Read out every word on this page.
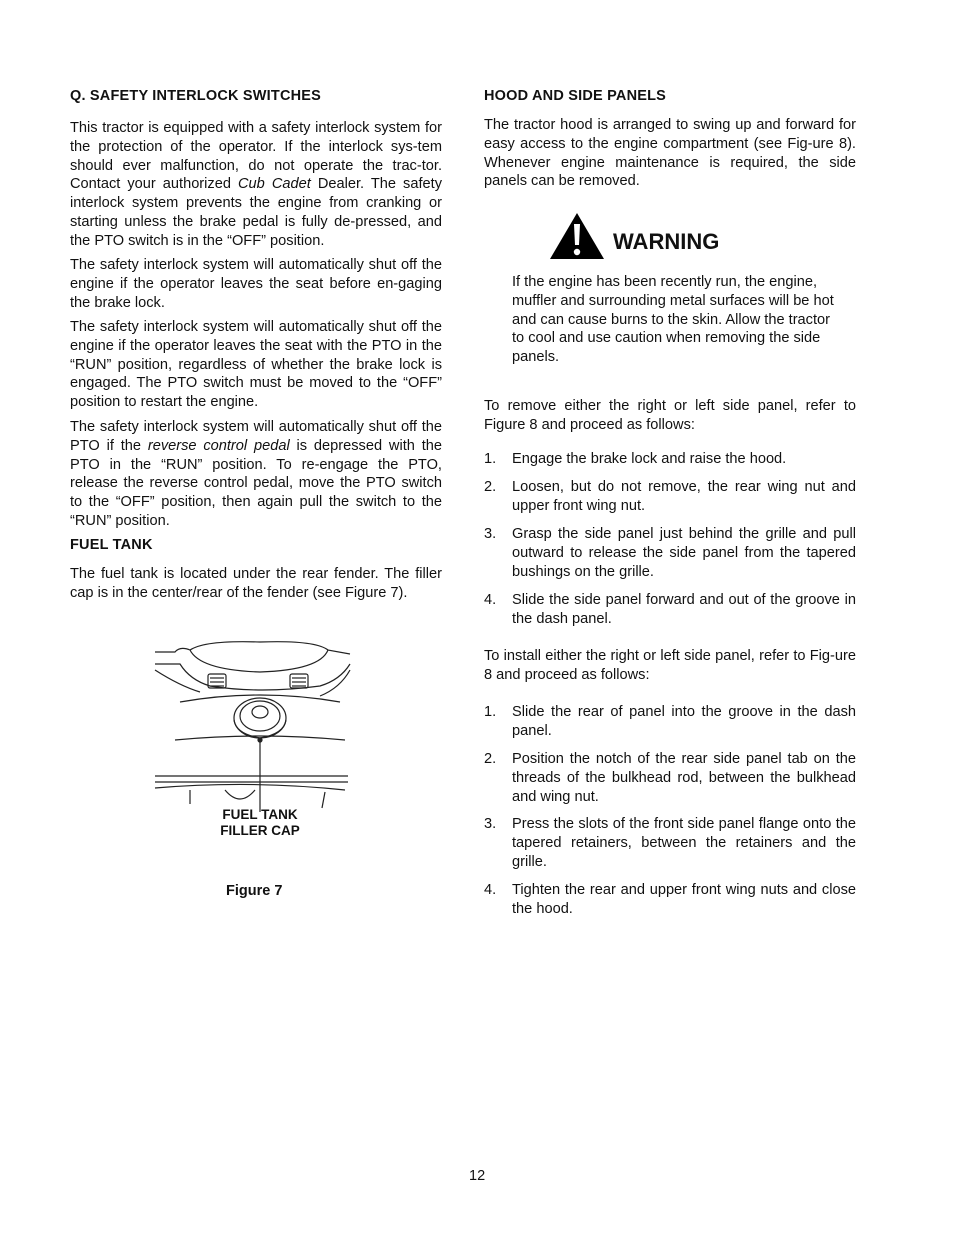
Q. SAFETY INTERLOCK SWITCHES

This tractor is equipped with a safety interlock system for the protection of the operator. If the interlock sys-tem should ever malfunction, do not operate the trac-tor. Contact your authorized Cub Cadet Dealer. The safety interlock system prevents the engine from cranking or starting unless the brake pedal is fully de-pressed, and the PTO switch is in the “OFF” position.

The safety interlock system will automatically shut off the engine if the operator leaves the seat before en-gaging the brake lock.

The safety interlock system will automatically shut off the engine if the operator leaves the seat with the PTO in the “RUN” position, regardless of whether the brake lock is engaged. The PTO switch must be moved to the “OFF” position to restart the engine.

The safety interlock system will automatically shut off the PTO if the reverse control pedal is depressed with the PTO in the “RUN” position. To re-engage the PTO, release the reverse control pedal, move the PTO switch to the “OFF” position, then again pull the switch to the “RUN” position.

FUEL TANK

The fuel tank is located under the rear fender. The filler cap is in the center/rear of the fender (see Figure 7).

FUEL TANK
FILLER CAP
Figure 7
HOOD AND SIDE PANELS

The tractor hood is arranged to swing up and forward for easy access to the engine compartment (see Fig-ure 8). Whenever engine maintenance is required, the side panels can be removed.

WARNING
If the engine has been recently run, the engine, muffler and surrounding metal surfaces will be hot and can cause burns to the skin. Allow the tractor to cool and use caution when removing the side panels.

To remove either the right or left side panel, refer to Figure 8 and proceed as follows:

1. Engage the brake lock and raise the hood.
2. Loosen, but do not remove, the rear wing nut and upper front wing nut.
3. Grasp the side panel just behind the grille and pull outward to release the side panel from the tapered bushings on the grille.
4. Slide the side panel forward and out of the groove in the dash panel.

To install either the right or left side panel, refer to Fig-ure 8 and proceed as follows:

1. Slide the rear of panel into the groove in the dash panel.
2. Position the notch of the rear side panel tab on the threads of the bulkhead rod, between the bulkhead and wing nut.
3. Press the slots of the front side panel flange onto the tapered retainers, between the retainers and the grille.
4. Tighten the rear and upper front wing nuts and close the hood.
12
